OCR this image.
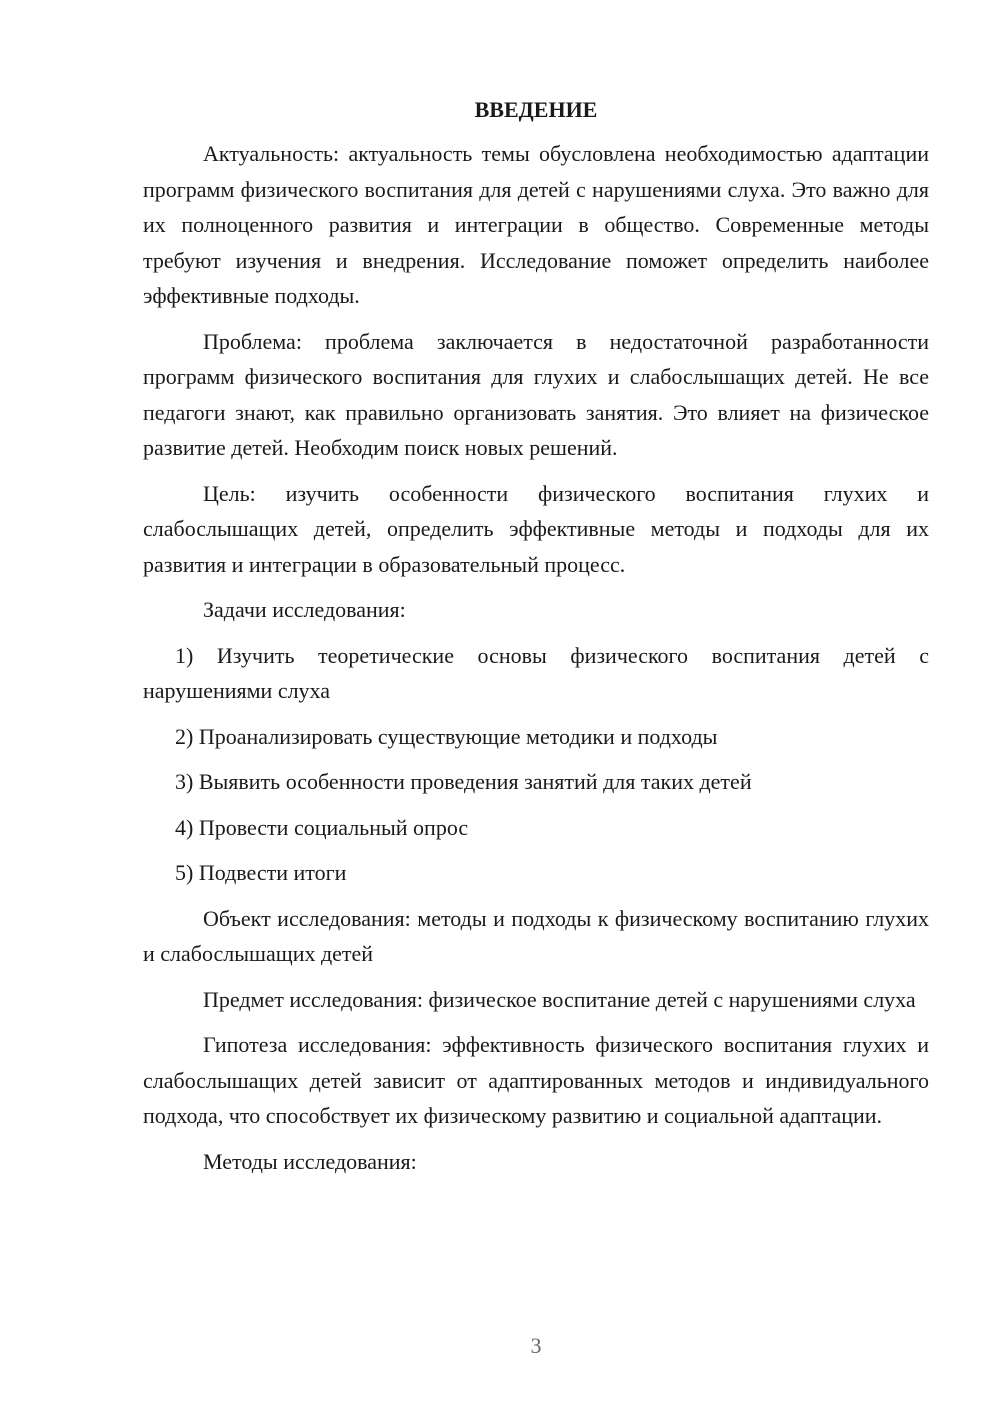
ВВЕДЕНИЕ

Актуальность: актуальность темы обусловлена необходимостью адаптации программ физического воспитания для детей с нарушениями слуха. Это важно для их полноценного развития и интеграции в общество. Современные методы требуют изучения и внедрения. Исследование поможет определить наиболее эффективные подходы.

Проблема: проблема заключается в недостаточной разработанности программ физического воспитания для глухих и слабослышащих детей. Не все педагоги знают, как правильно организовать занятия. Это влияет на физическое развитие детей. Необходим поиск новых решений.

Цель: изучить особенности физического воспитания глухих и слабослышащих детей, определить эффективные методы и подходы для их развития и интеграции в образовательный процесс.

Задачи исследования:

1) Изучить теоретические основы физического воспитания детей с нарушениями слуха

2) Проанализировать существующие методики и подходы

3) Выявить особенности проведения занятий для таких детей

4) Провести социальный опрос

5) Подвести итоги

Объект исследования: методы и подходы к физическому воспитанию глухих и слабослышащих детей

Предмет исследования: физическое воспитание детей с нарушениями слуха

Гипотеза исследования: эффективность физического воспитания глухих и слабослышащих детей зависит от адаптированных методов и индивидуального подхода, что способствует их физическому развитию и социальной адаптации.

Методы исследования:

3
